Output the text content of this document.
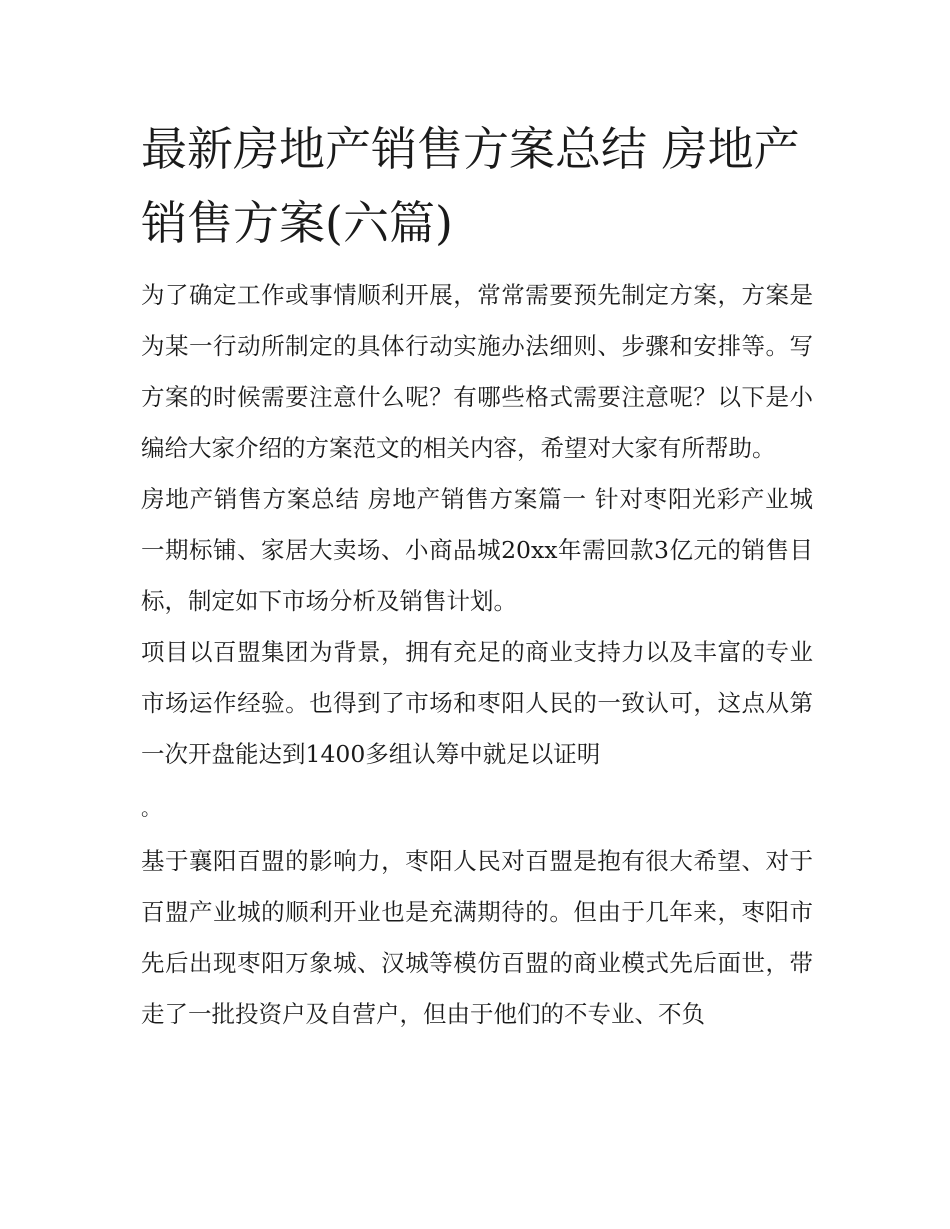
最新房地产销售方案总结 房地产销售方案(六篇)

为了确定工作或事情顺利开展，常常需要预先制定方案，方案是为某一行动所制定的具体行动实施办法细则、步骤和安排等。写方案的时候需要注意什么呢？有哪些格式需要注意呢？以下是小编给大家介绍的方案范文的相关内容，希望对大家有所帮助。

房地产销售方案总结 房地产销售方案篇一 针对枣阳光彩产业城一期标铺、家居大卖场、小商品城20xx年需回款3亿元的销售目标，制定如下市场分析及销售计划。

项目以百盟集团为背景，拥有充足的商业支持力以及丰富的专业市场运作经验。也得到了市场和枣阳人民的一致认可，这点从第一次开盘能达到1400多组认筹中就足以证明

。

基于襄阳百盟的影响力，枣阳人民对百盟是抱有很大希望、对于百盟产业城的顺利开业也是充满期待的。但由于几年来，枣阳市先后出现枣阳万象城、汉城等模仿百盟的商业模式先后面世，带走了一批投资户及自营户，但由于他们的不专业、不负
